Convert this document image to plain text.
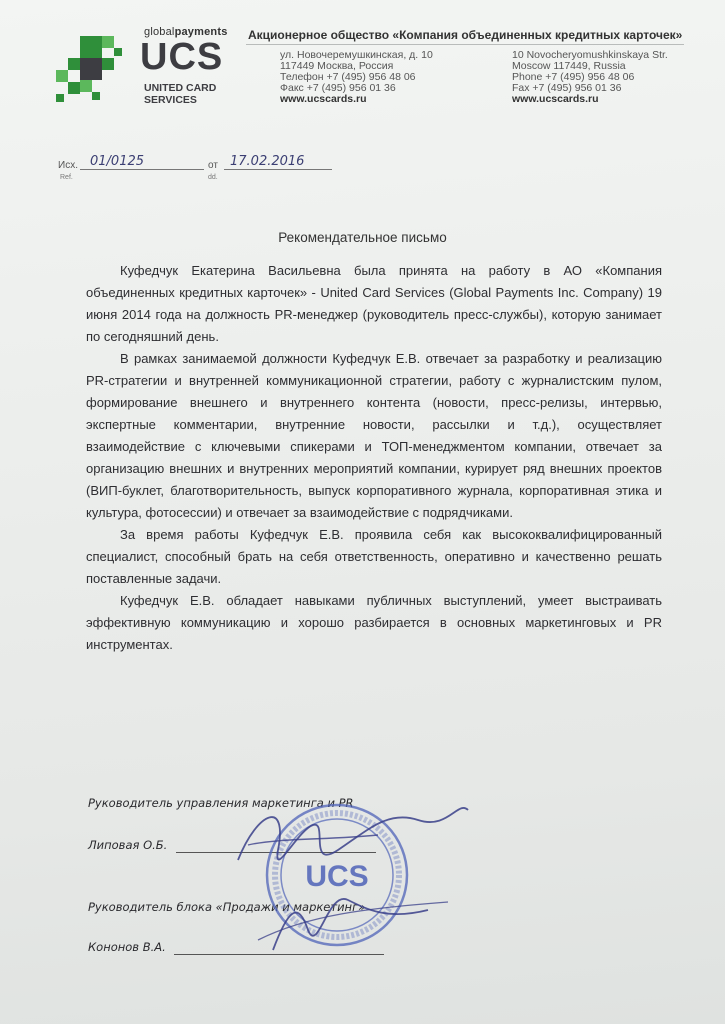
globalpayments
UCS
UNITED CARD
SERVICES
Акционерное общество «Компания объединенных кредитных карточек»
ул. Новочеремушкинская, д. 10
117449 Москва, Россия
Телефон +7 (495) 956 48 06
Факс +7 (495) 956 01 36
www.ucscards.ru
10 Novocheryomushkinskaya Str.
Moscow 117449, Russia
Phone +7 (495) 956 48 06
Fax +7 (495) 956 01 36
www.ucscards.ru
Исх.
Ref.
01/0125	от
dd.
17.02.2016
Рекомендательное письмо

Куфедчук Екатерина Васильевна была принята на работу в АО «Компания объединенных кредитных карточек» - United Card Services (Global Payments Inc. Company) 19 июня 2014 года на должность PR-менеджер (руководитель пресс-службы), которую занимает по сегодняшний день.

В рамках занимаемой должности Куфедчук Е.В. отвечает за разработку и реализацию PR-стратегии и внутренней коммуникационной стратегии, работу с журналистским пулом, формирование внешнего и внутреннего контента (новости, пресс-релизы, интервью, экспертные комментарии, внутренние новости, рассылки и т.д.), осуществляет взаимодействие с ключевыми спикерами и ТОП-менеджментом компании, отвечает за организацию внешних и внутренних мероприятий компании, курирует ряд внешних проектов (ВИП-буклет, благотворительность, выпуск корпоративного журнала, корпоративная этика и культура, фотосессии) и отвечает за взаимодействие с подрядчиками.

За время работы Куфедчук Е.В. проявила себя как высококвалифицированный специалист, способный брать на себя ответственность, оперативно и качественно решать поставленные задачи.

Куфедчук Е.В. обладает навыками публичных выступлений, умеет выстраивать эффективную коммуникацию и хорошо разбирается в основных маркетинговых и PR инструментах.

Руководитель управления маркетинга и PR
Липовая О.Б.
Руководитель блока «Продажи и маркетинг»
Кононов В.А.
UCS
